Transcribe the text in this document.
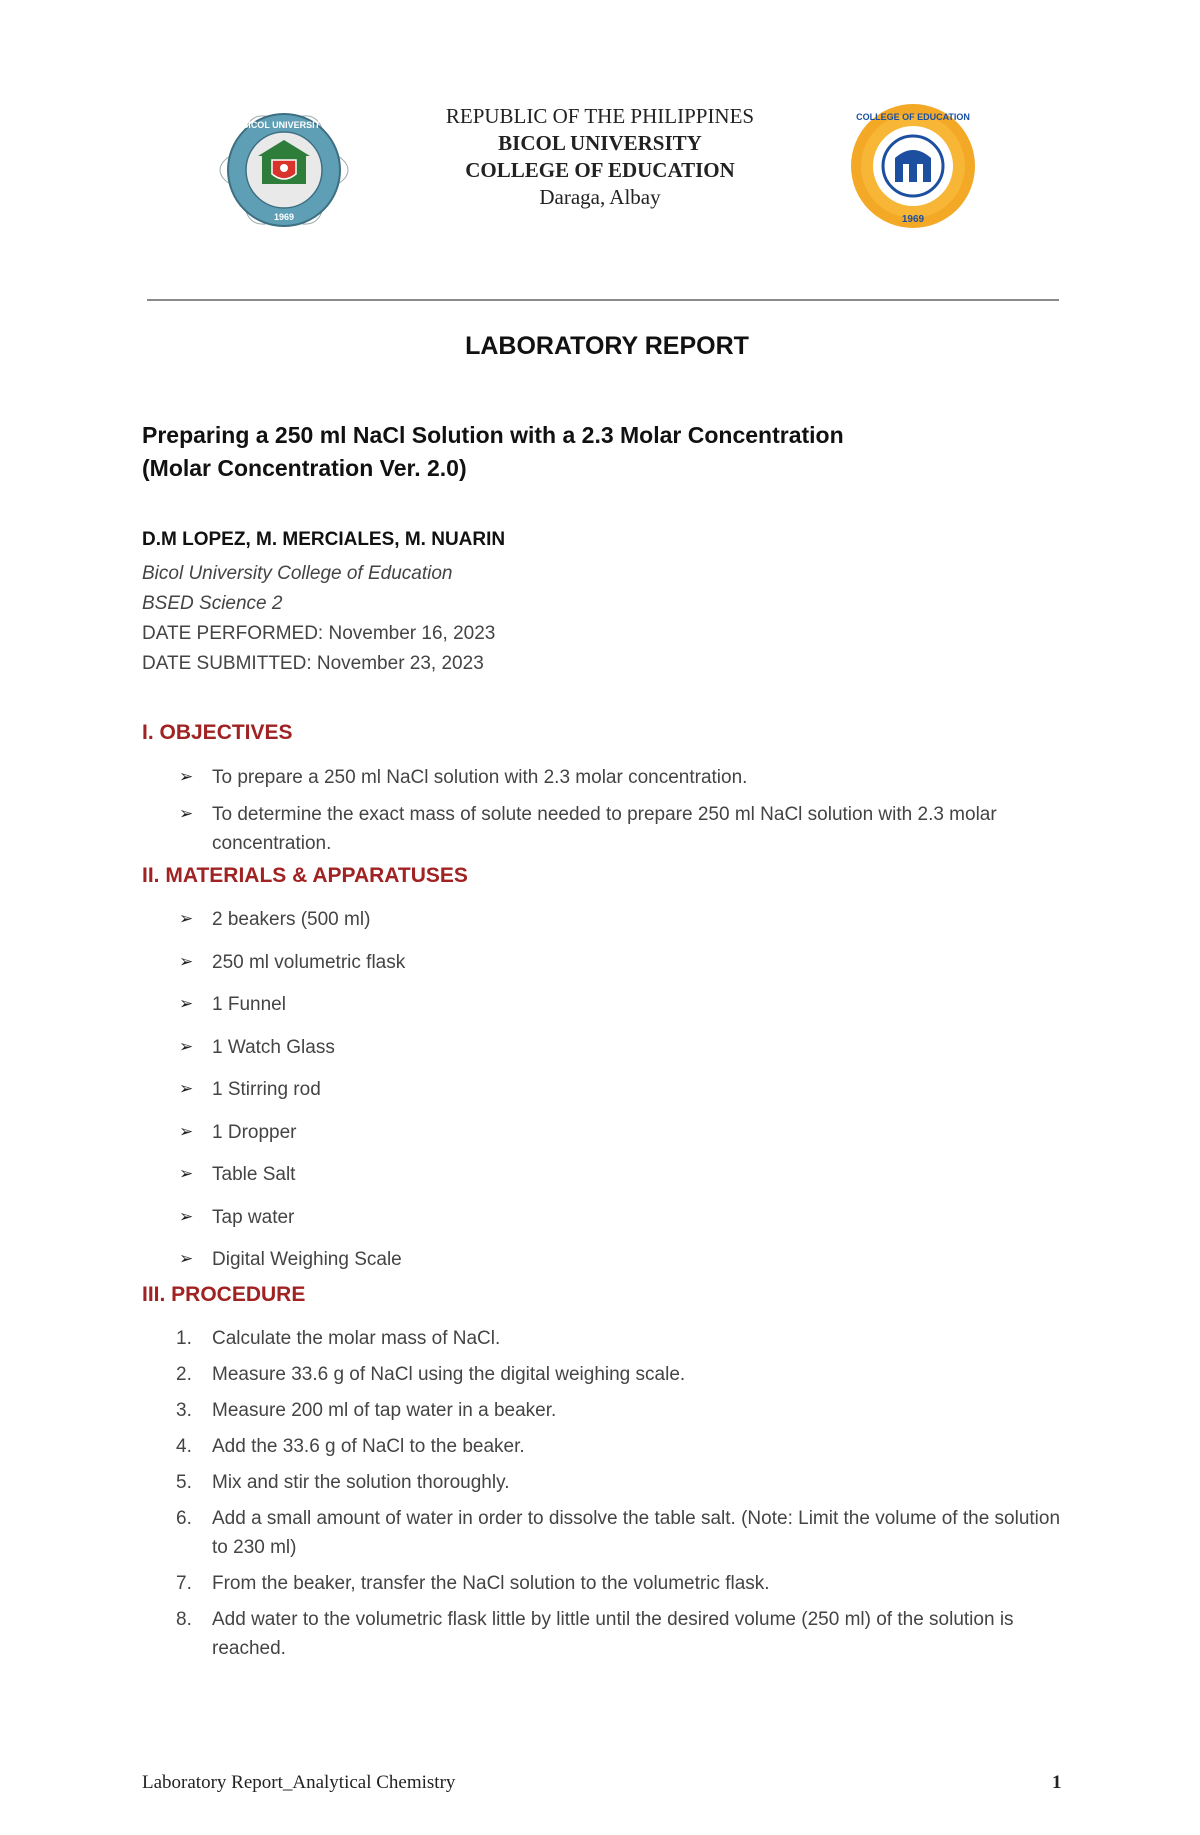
BICOL UNIVERSITY
1969
REPUBLIC OF THE PHILIPPINES
BICOL UNIVERSITY
COLLEGE OF EDUCATION
Daraga, Albay
COLLEGE OF EDUCATION
1969
LABORATORY REPORT
Preparing a 250 ml NaCl Solution with a 2.3 Molar Concentration
(Molar Concentration Ver. 2.0)
D.M LOPEZ, M. MERCIALES, M. NUARIN
Bicol University College of Education
BSED Science 2
DATE PERFORMED: November 16, 2023
DATE SUBMITTED: November 23, 2023
I. OBJECTIVES
➢ To prepare a 250 ml NaCl solution with 2.3 molar concentration.
➢ To determine the exact mass of solute needed to prepare 250 ml NaCl solution with 2.3 molar concentration.
II. MATERIALS & APPARATUSES
➢ 2 beakers (500 ml)
➢ 250 ml volumetric flask
➢ 1 Funnel
➢ 1 Watch Glass
➢ 1 Stirring rod
➢ 1 Dropper
➢ Table Salt
➢ Tap water
➢ Digital Weighing Scale
III. PROCEDURE
1. Calculate the molar mass of NaCl.
2. Measure 33.6 g of NaCl using the digital weighing scale.
3. Measure 200 ml of tap water in a beaker.
4. Add the 33.6 g of NaCl to the beaker.
5. Mix and stir the solution thoroughly.
6. Add a small amount of water in order to dissolve the table salt. (Note: Limit the volume of the solution to 230 ml)
7. From the beaker, transfer the NaCl solution to the volumetric flask.
8. Add water to the volumetric flask little by little until the desired volume (250 ml) of the solution is reached.
Laboratory Report_Analytical Chemistry	1
